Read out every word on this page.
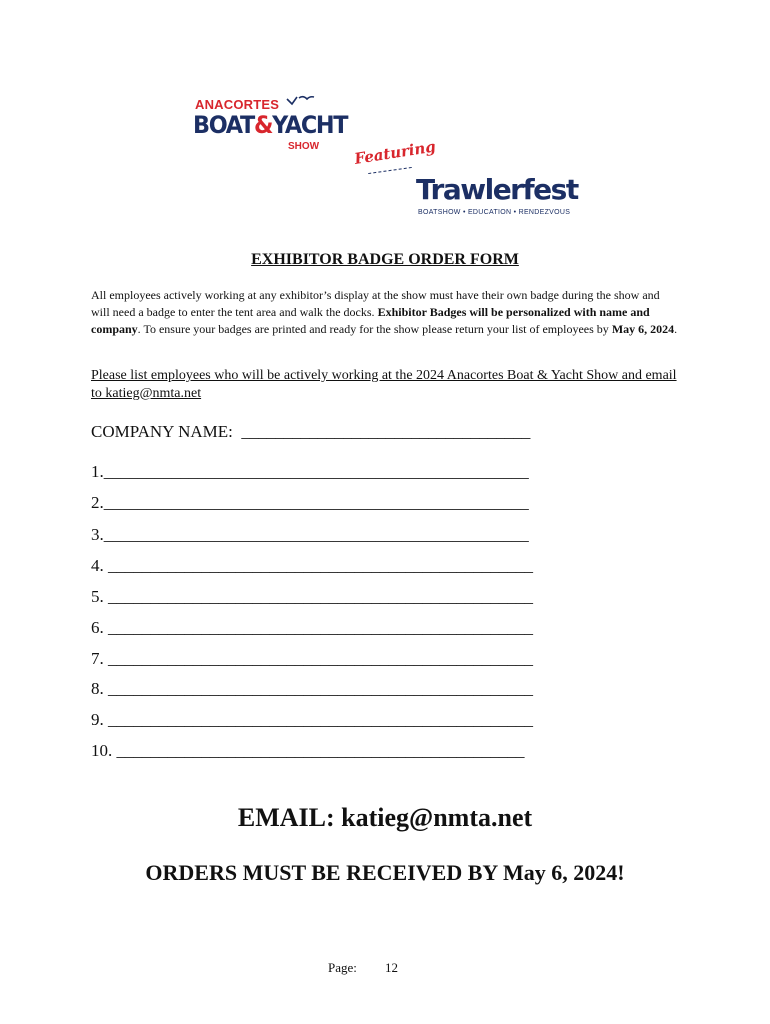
ANACORTES
BOAT&YACHT
SHOW Featuring
Trawlerfest
BOATSHOW • EDUCATION • RENDEZVOUS
EXHIBITOR BADGE ORDER FORM
All employees actively working at any exhibitor’s display at the show must have their own badge during the show and will need a badge to enter the tent area and walk the docks. Exhibitor Badges will be personalized with name and company. To ensure your badges are printed and ready for the show please return your list of employees by May 6, 2024.
Please list employees who will be actively working at the 2024 Anacortes Boat & Yacht Show and email to katieg@nmta.net
COMPANY NAME:  __________________________________
1.__________________________________________________
2.__________________________________________________
3.__________________________________________________
4. __________________________________________________
5. __________________________________________________
6. __________________________________________________
7. __________________________________________________
8. __________________________________________________
9. __________________________________________________
10. ________________________________________________
EMAIL: katieg@nmta.net
ORDERS MUST BE RECEIVED BY May 6, 2024!
Page: 12
